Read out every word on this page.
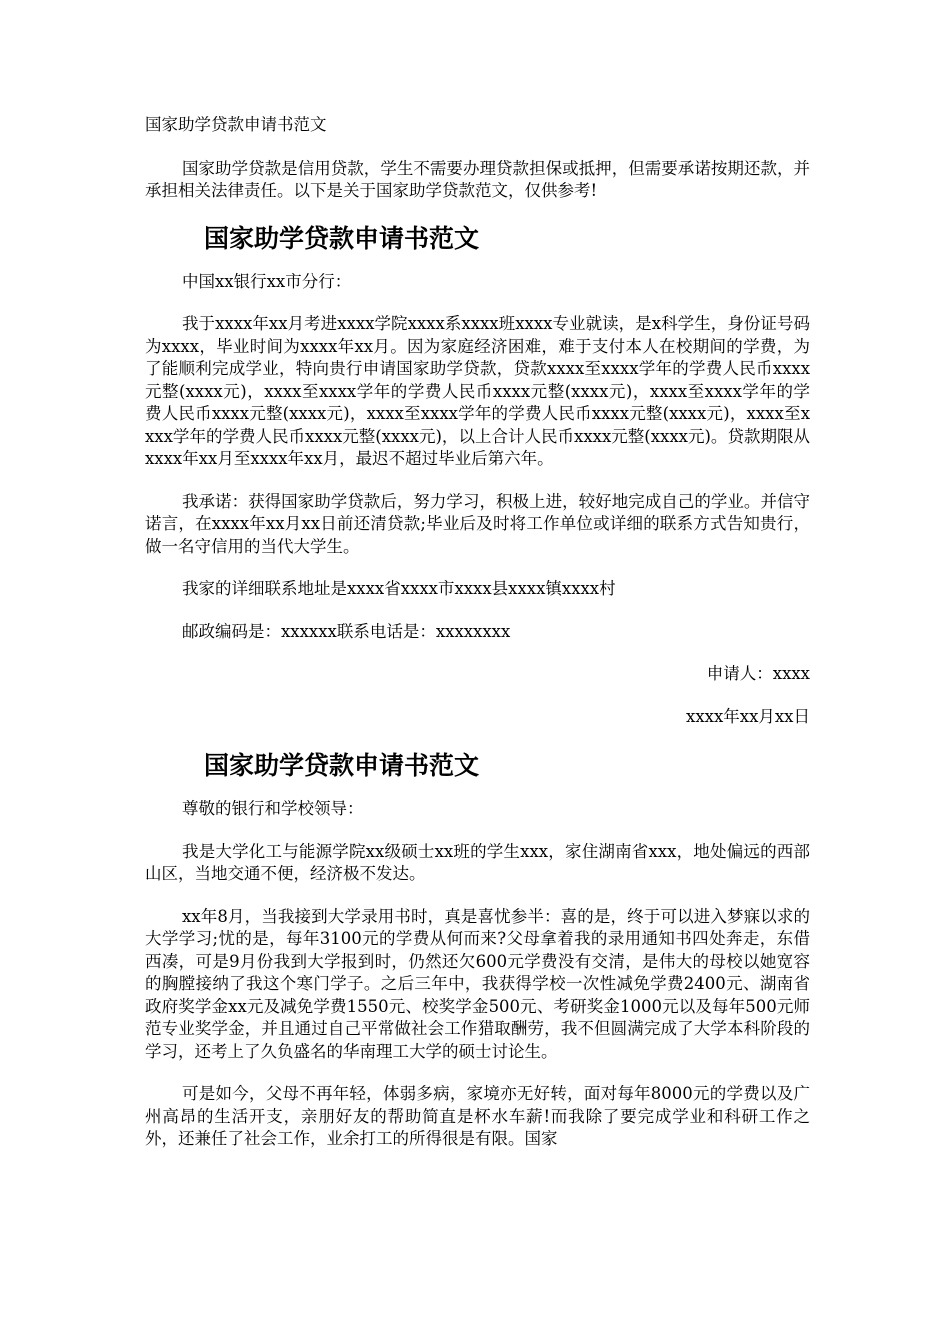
国家助学贷款申请书范文

国家助学贷款是信用贷款，学生不需要办理贷款担保或抵押，但需要承诺按期还款，并承担相关法律责任。以下是关于国家助学贷款范文，仅供参考!

国家助学贷款申请书范文

中国xx银行xx市分行：

我于xxxx年xx月考进xxxx学院xxxx系xxxx班xxxx专业就读，是x科学生，身份证号码为xxxx，毕业时间为xxxx年xx月。因为家庭经济困难，难于支付本人在校期间的学费，为了能顺利完成学业，特向贵行申请国家助学贷款，贷款xxxx至xxxx学年的学费人民币xxxx元整(xxxx元)，xxxx至xxxx学年的学费人民币xxxx元整(xxxx元)，xxxx至xxxx学年的学费人民币xxxx元整(xxxx元)，xxxx至xxxx学年的学费人民币xxxx元整(xxxx元)，xxxx至xxxx学年的学费人民币xxxx元整(xxxx元)，以上合计人民币xxxx元整(xxxx元)。贷款期限从xxxx年xx月至xxxx年xx月，最迟不超过毕业后第六年。

我承诺：获得国家助学贷款后，努力学习，积极上进，较好地完成自己的学业。并信守诺言，在xxxx年xx月xx日前还清贷款;毕业后及时将工作单位或详细的联系方式告知贵行，做一名守信用的当代大学生。

我家的详细联系地址是xxxx省xxxx市xxxx县xxxx镇xxxx村

邮政编码是：xxxxxx联系电话是：xxxxxxxx

申请人：xxxx

xxxx年xx月xx日

国家助学贷款申请书范文

尊敬的银行和学校领导：

我是大学化工与能源学院xx级硕士xx班的学生xxx，家住湖南省xxx，地处偏远的西部山区，当地交通不便，经济极不发达。

xx年8月，当我接到大学录用书时，真是喜忧参半：喜的是，终于可以进入梦寐以求的大学学习;忧的是，每年3100元的学费从何而来?父母拿着我的录用通知书四处奔走，东借西凑，可是9月份我到大学报到时，仍然还欠600元学费没有交清，是伟大的母校以她宽容的胸膛接纳了我这个寒门学子。之后三年中，我获得学校一次性减免学费2400元、湖南省政府奖学金xx元及减免学费1550元、校奖学金500元、考研奖金1000元以及每年500元师范专业奖学金，并且通过自己平常做社会工作猎取酬劳，我不但圆满完成了大学本科阶段的学习，还考上了久负盛名的华南理工大学的硕士讨论生。

可是如今，父母不再年轻，体弱多病，家境亦无好转，面对每年8000元的学费以及广州高昂的生活开支，亲朋好友的帮助简直是杯水车薪!而我除了要完成学业和科研工作之外，还兼任了社会工作，业余打工的所得很是有限。国家
